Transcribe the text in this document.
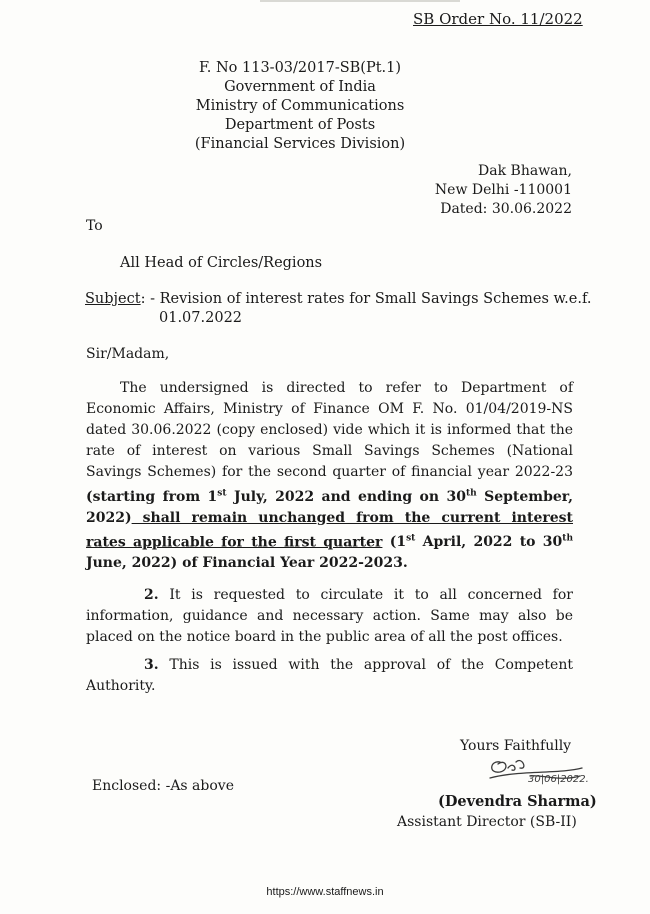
SB Order No. 11/2022
F. No 113-03/2017-SB(Pt.1)
Government of India
Ministry of Communications
Department of Posts
(Financial Services Division)
Dak Bhawan,
New Delhi -110001
Dated: 30.06.2022
To
All Head of Circles/Regions
Subject: - Revision of interest rates for Small Savings Schemes w.e.f.
01.07.2022
Sir/Madam,
The undersigned is directed to refer to Department of Economic Affairs, Ministry of Finance OM F. No. 01/04/2019-NS dated 30.06.2022 (copy enclosed) vide which it is informed that the rate of interest on various Small Savings Schemes (National Savings Schemes) for the second quarter of financial year 2022-23 (starting from 1st July, 2022 and ending on 30th September, 2022) shall remain unchanged from the current interest rates applicable for the first quarter (1st April, 2022 to 30th June, 2022) of Financial Year 2022-2023.
2. It is requested to circulate it to all concerned for information, guidance and necessary action. Same may also be placed on the notice board in the public area of all the post offices.
3. This is issued with the approval of the Competent Authority.
Yours Faithfully
Enclosed: -As above	30|06|2022.
(Devendra Sharma)
Assistant Director (SB-II)
https://www.staffnews.in
